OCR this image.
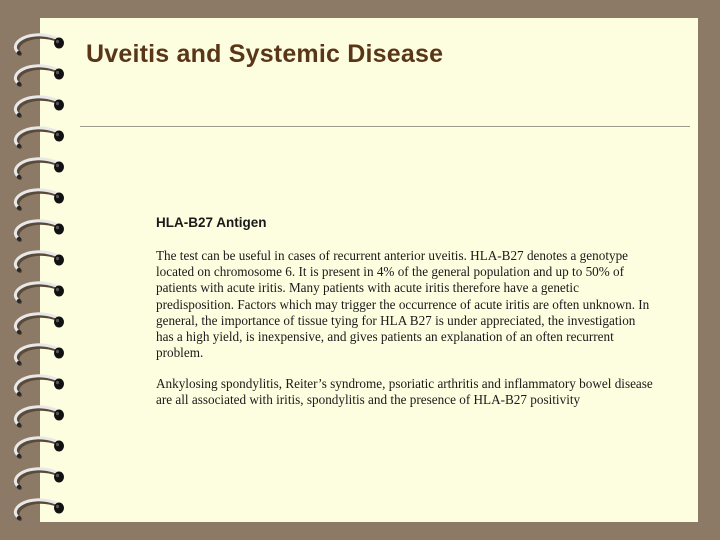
Uveitis and Systemic Disease
HLA-B27 Antigen

The test can be useful in cases of recurrent anterior uveitis. HLA-B27 denotes a genotype located on chromosome 6. It is present in 4% of the general population and up to 50% of patients with acute iritis. Many patients with acute iritis therefore have a genetic predisposition. Factors which may trigger the occurrence of acute iritis are often unknown. In general, the importance of tissue tying for HLA B27 is under appreciated, the investigation has a high yield, is inexpensive, and gives patients an explanation of an often recurrent problem.

Ankylosing spondylitis, Reiter’s syndrome, psoriatic arthritis and inflammatory bowel disease are all associated with iritis, spondylitis and the presence of HLA-B27 positivity
